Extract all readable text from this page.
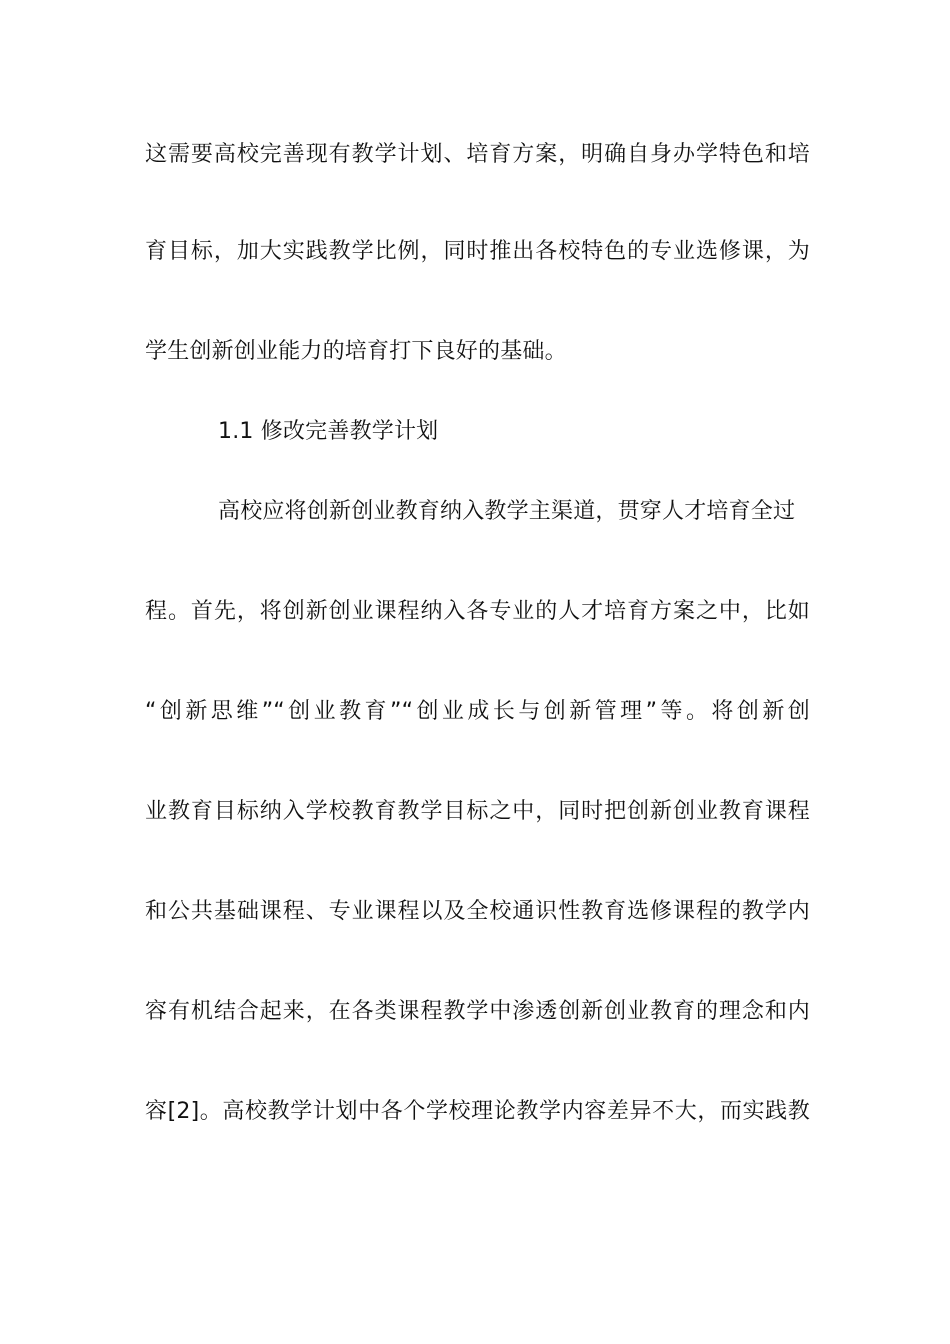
这需要高校完善现有教学计划、培育方案，明确自身办学特色和培
育目标，加大实践教学比例，同时推出各校特色的专业选修课，为
学生创新创业能力的培育打下良好的基础。
1.1 修改完善教学计划
高校应将创新创业教育纳入教学主渠道，贯穿人才培育全过
程。首先，将创新创业课程纳入各专业的人才培育方案之中，比如
“创新思维”“创业教育”“创业成长与创新管理”等。将创新创
业教育目标纳入学校教育教学目标之中，同时把创新创业教育课程
和公共基础课程、专业课程以及全校通识性教育选修课程的教学内
容有机结合起来，在各类课程教学中渗透创新创业教育的理念和内
容[2]。高校教学计划中各个学校理论教学内容差异不大，而实践教
